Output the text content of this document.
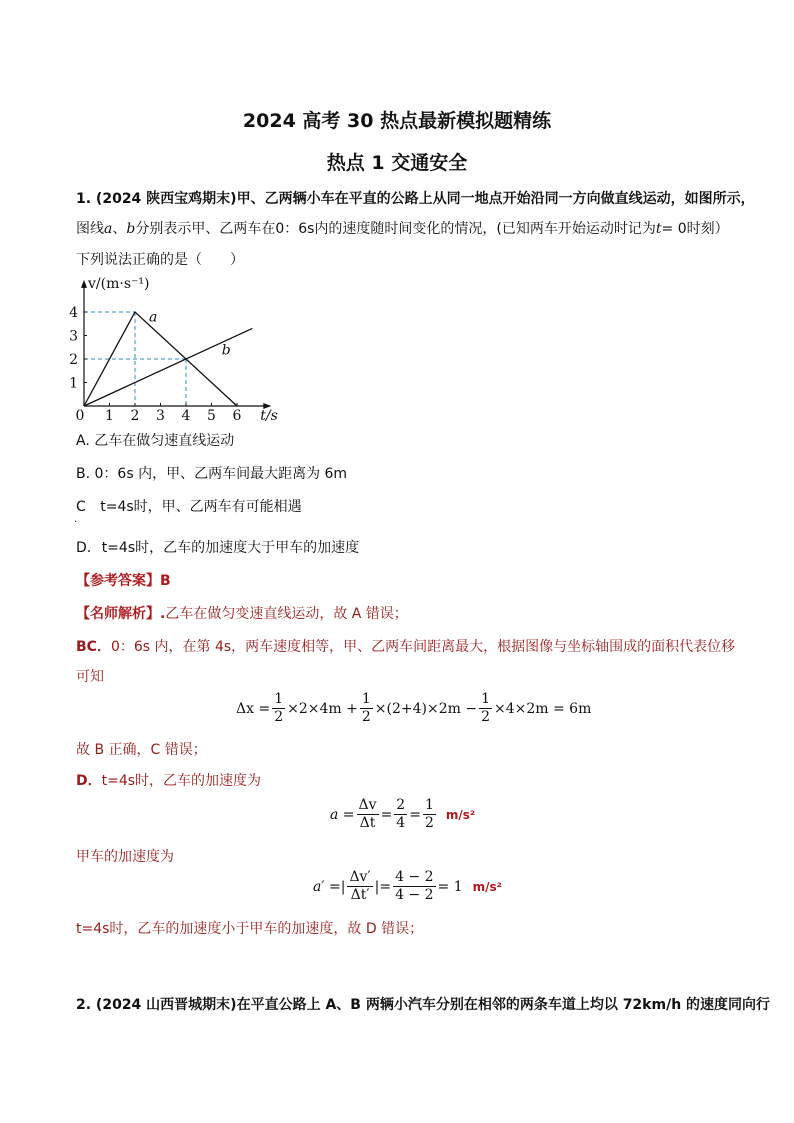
2024 高考 30 热点最新模拟题精练
热点 1 交通安全
1. (2024 陕西宝鸡期末)甲、乙两辆小车在平直的公路上从同一地点开始沿同一方向做直线运动，如图所示，
图线a、b分别表示甲、乙两车在0：6s内的速度随时间变化的情况，(已知两车开始运动时记为t= 0时刻）
下列说法正确的是（　　）
0 1 2 3 4 5 6
1
2
3
4	a
b
v/(m·s⁻¹)
t/s
A. 乙车在做匀速直线运动
B. 0：6s 内，甲、乙两车间最大距离为 6m
C t=4s时，甲、乙两车有可能相遇
．
D. t=4s时，乙车的加速度大于甲车的加速度
【参考答案】B
【名师解析】.乙车在做匀变速直线运动，故 A 错误；
BC．0：6s 内，在第 4s，两车速度相等，甲、乙两车间距离最大，根据图像与坐标轴围成的面积代表位移
可知
$\Delta x = \frac{1}{2} \times 2\times 4m + \frac{1}{2} \times(2+4)\times 2m - \frac{1}{2} \times 4\times 2m = 6m$
故 B 正确，C 错误；
D．t=4s时，乙车的加速度为
$a = \frac{\Delta v}{\Delta t} = \frac{2}{4} = \frac{1}{2} m/s^2$
甲车的加速度为
a′ =| $\frac{\Delta v'}{\Delta t'}$ |= $\frac{4 - 2}{4 - 2} = 1$ m/s²
t=4s时，乙车的加速度小于甲车的加速度，故 D 错误；
2. (2024 山西晋城期末)在平直公路上 A、B 两辆小汽车分别在相邻的两条车道上均以 72km/h 的速度同向行
